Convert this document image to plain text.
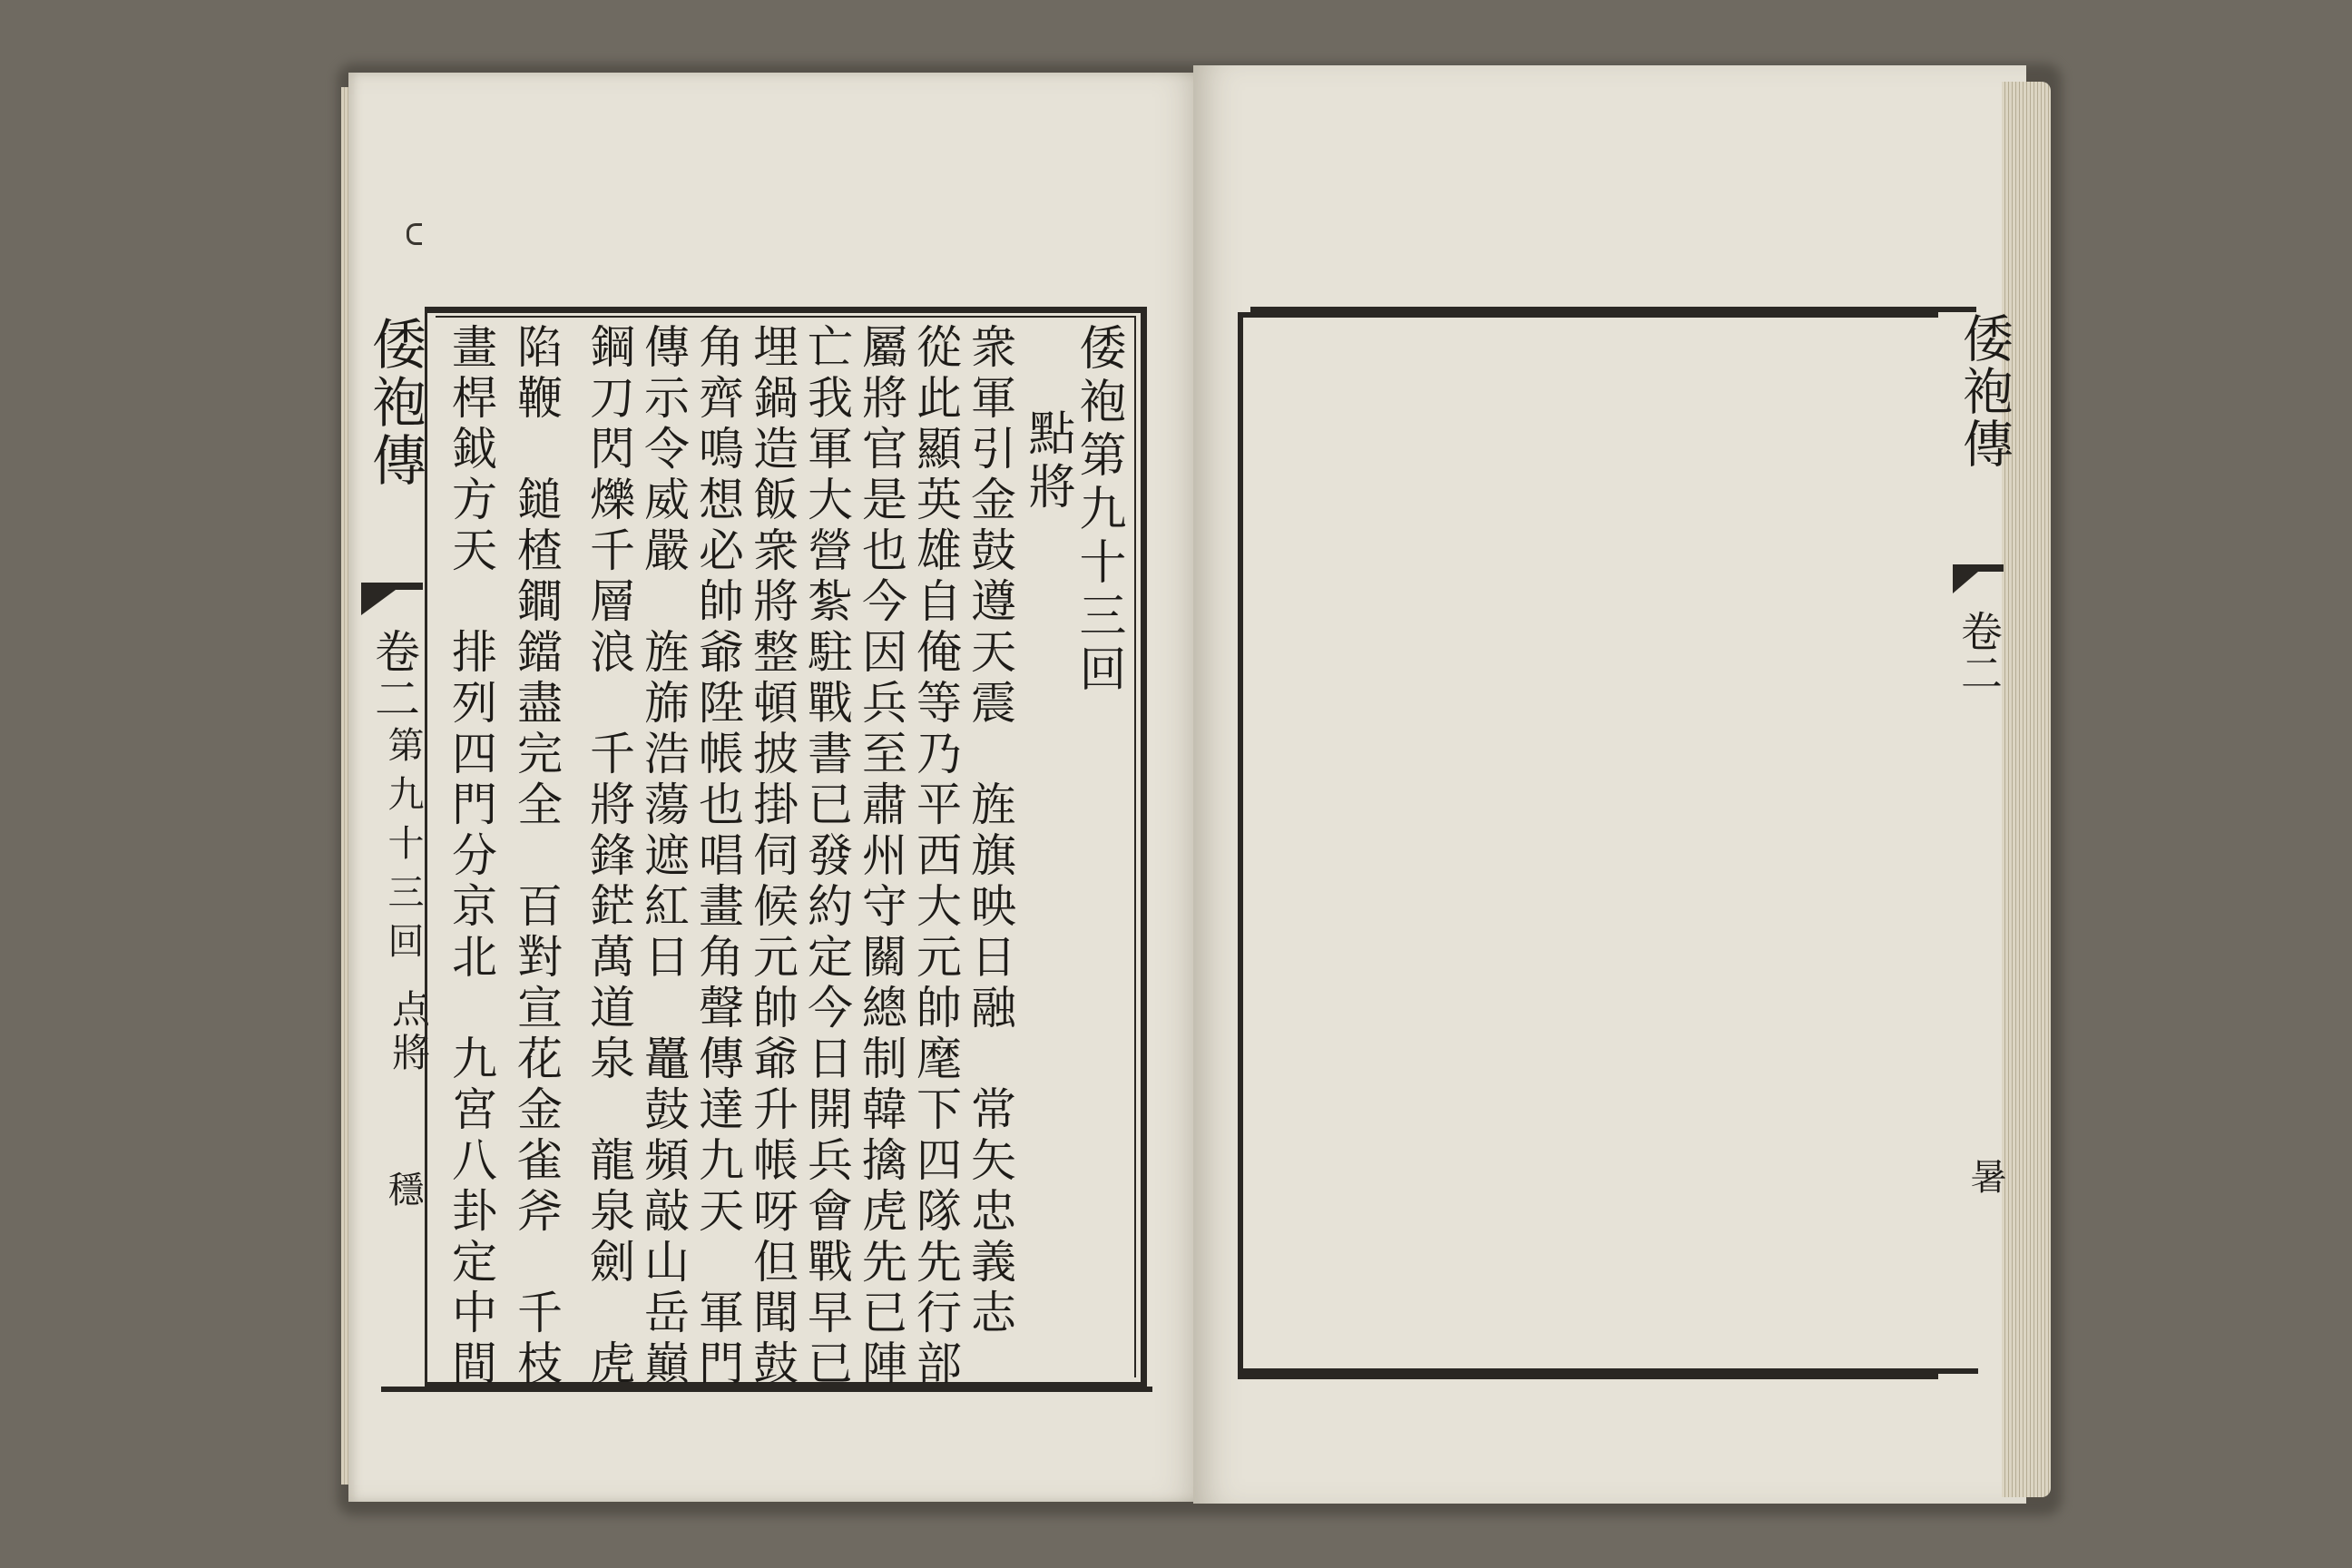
倭袍傳
卷二
第九十三回
点將
穩
倭袍第九十三回
點將
衆軍引金鼓遵天震　旌旗映日融　常矢忠義志
從此顯英雄自俺等乃平西大元帥麾下四隊先行部
屬將官是也今因兵至肅州守關總制韓擒虎先已陣
亡我軍大營紮駐戰書已發約定今日開兵會戰早已
埋鍋造飯衆將整頓披掛伺候元帥爺升帳呀但聞鼓
角齊鳴想必帥爺陞帳也唱畫角聲傳達九天　軍門
傳示令威嚴　旌旆浩蕩遮紅日　鼉鼓頻敲山岳巔
鋼刀閃爍千層浪　千將鋒鋩萬道泉　龍泉劍　虎
陷鞭　鎚楂鐧鐺盡完全　百對宣花金雀斧　千枝
畫桿鉞方天　排列四門分京北　九宮八卦定中間	倭袍傳
卷二
暑
